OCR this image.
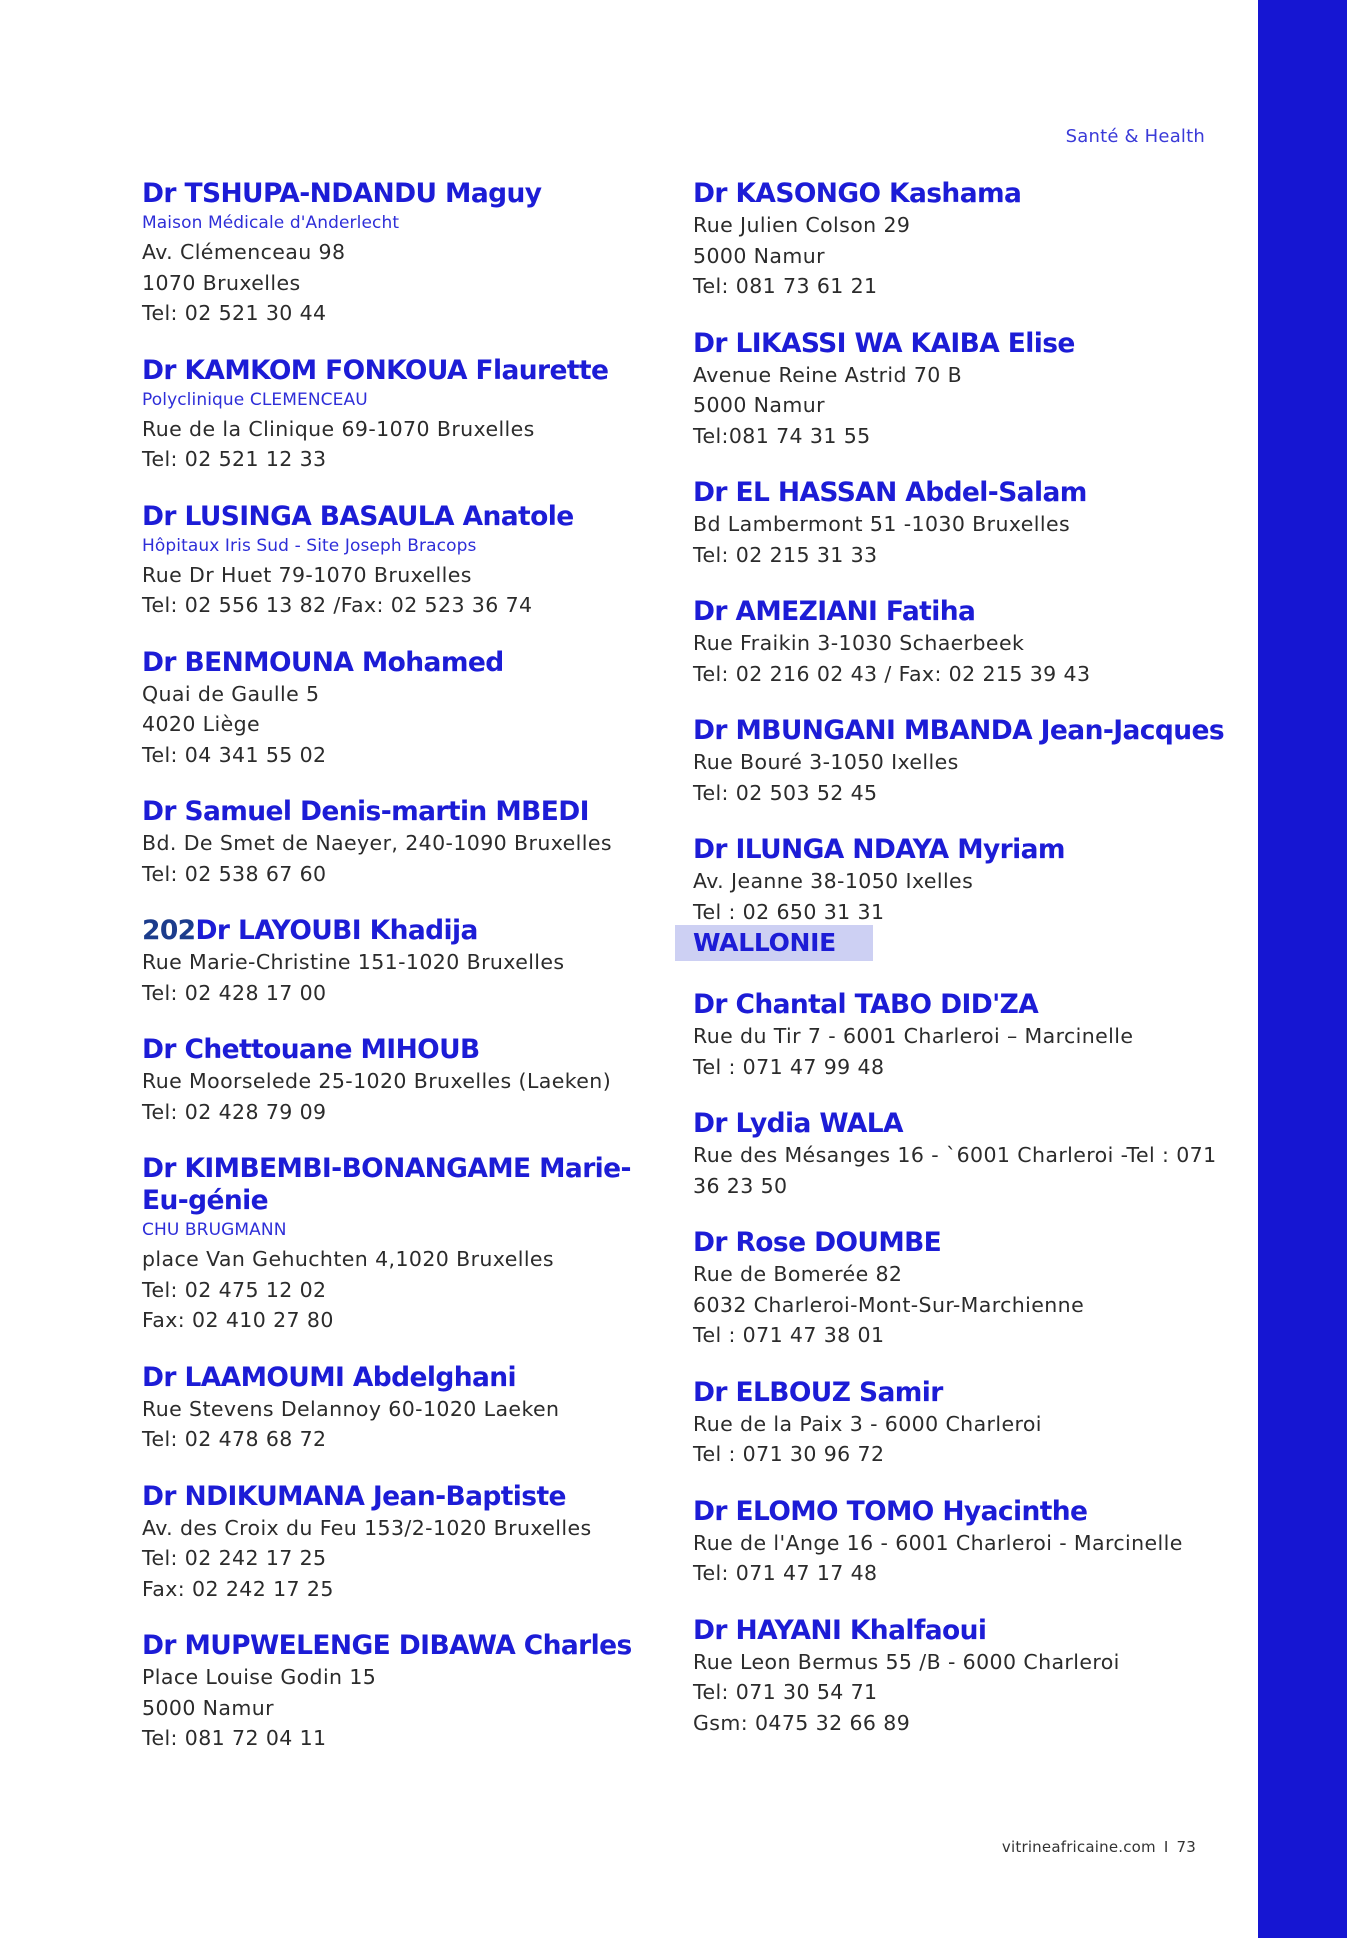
Santé & Health
Dr TSHUPA-NDANDU Maguy
Maison Médicale d'Anderlecht
Av. Clémenceau 98
1070 Bruxelles
Tel: 02 521 30 44
Dr KAMKOM FONKOUA Flaurette
Polyclinique CLEMENCEAU
Rue de la Clinique 69-1070 Bruxelles
Tel: 02 521 12 33
Dr LUSINGA BASAULA Anatole
Hôpitaux Iris Sud - Site Joseph Bracops
Rue Dr Huet 79-1070 Bruxelles
Tel: 02 556 13 82 /Fax: 02 523 36 74
Dr BENMOUNA Mohamed
Quai de Gaulle 5
4020 Liège
Tel: 04 341 55 02
Dr Samuel Denis-martin MBEDI
Bd. De Smet de Naeyer, 240-1090 Bruxelles
Tel: 02 538 67 60
202Dr LAYOUBI Khadija
Rue Marie-Christine 151-1020 Bruxelles
Tel: 02 428 17 00
Dr Chettouane MIHOUB
Rue Moorselede 25-1020 Bruxelles (Laeken)
Tel: 02 428 79 09
Dr KIMBEMBI-BONANGAME Marie-Eu-génie
CHU BRUGMANN
place Van Gehuchten 4,1020 Bruxelles
Tel: 02 475 12 02
Fax: 02 410 27 80
Dr LAAMOUMI Abdelghani
Rue Stevens Delannoy 60-1020 Laeken
Tel: 02 478 68 72
Dr NDIKUMANA Jean-Baptiste
Av. des Croix du Feu 153/2-1020 Bruxelles
Tel: 02 242 17 25
Fax: 02 242 17 25
Dr MUPWELENGE DIBAWA Charles
Place Louise Godin 15
5000 Namur
Tel: 081 72 04 11
Dr KASONGO Kashama
Rue Julien Colson 29
5000 Namur
Tel: 081 73 61 21
Dr LIKASSI WA KAIBA Elise
Avenue Reine Astrid 70 B
5000 Namur
Tel:081 74 31 55
Dr EL HASSAN Abdel-Salam
Bd Lambermont 51 -1030 Bruxelles
Tel: 02 215 31 33
Dr AMEZIANI Fatiha
Rue Fraikin 3-1030 Schaerbeek
Tel: 02 216 02 43 / Fax: 02 215 39 43
Dr MBUNGANI MBANDA Jean-Jacques
Rue Bouré 3-1050 Ixelles
Tel: 02 503 52 45
Dr ILUNGA NDAYA Myriam
Av. Jeanne 38-1050 Ixelles
Tel : 02 650 31 31
WALLONIE
Dr Chantal TABO DID'ZA
Rue du Tir 7 - 6001 Charleroi – Marcinelle
Tel : 071 47 99 48
Dr Lydia WALA
Rue des Mésanges 16 - `6001 Charleroi -Tel : 071 36 23 50
Dr Rose DOUMBE
Rue de Bomerée 82
6032 Charleroi-Mont-Sur-Marchienne
Tel : 071 47 38 01
Dr ELBOUZ Samir
Rue de la Paix 3 - 6000 Charleroi
Tel : 071 30 96 72
Dr ELOMO TOMO Hyacinthe
Rue de l'Ange 16 - 6001 Charleroi - Marcinelle
Tel: 071 47 17 48
Dr HAYANI Khalfaoui
Rue Leon Bermus 55 /B - 6000 Charleroi
Tel: 071 30 54 71
Gsm: 0475 32 66 89
vitrineafricaine.com I 73
